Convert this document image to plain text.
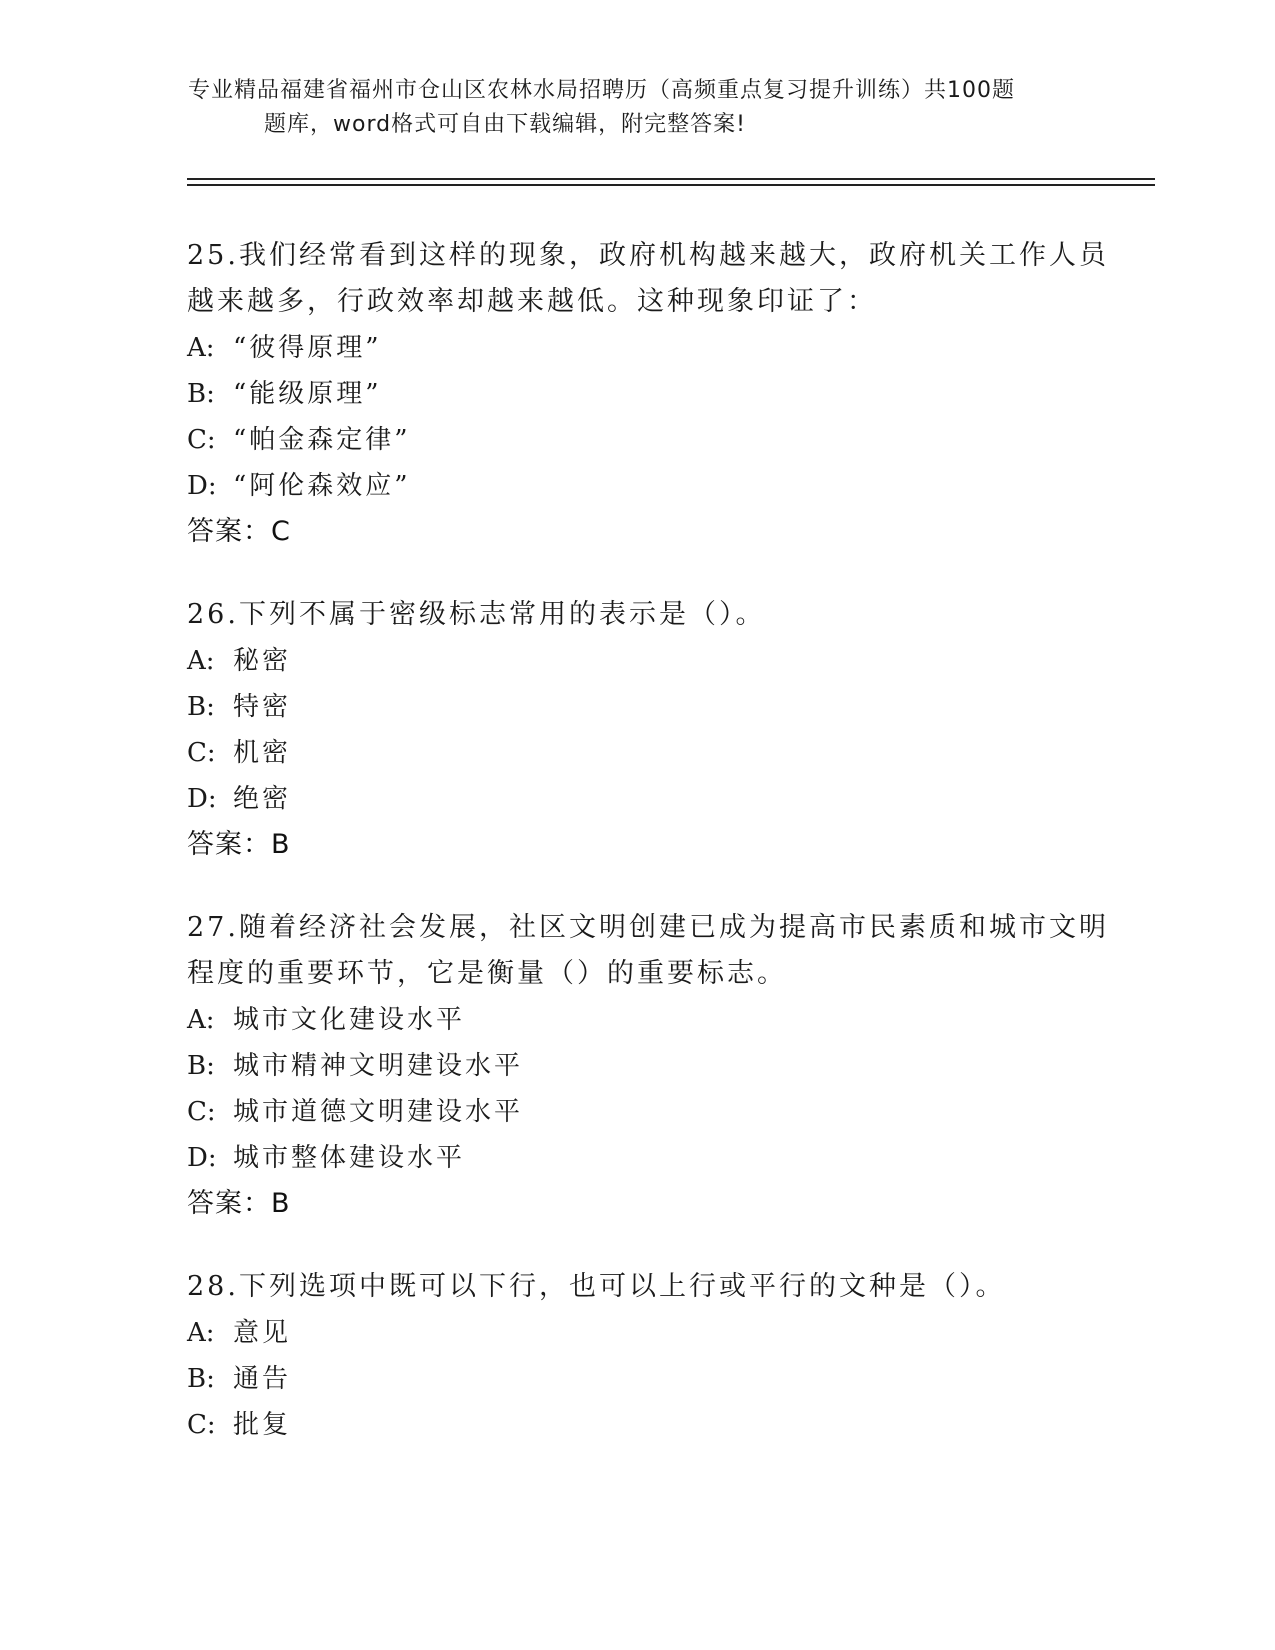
专业精品福建省福州市仓山区农林水局招聘历（高频重点复习提升训练）共100题
题库，word格式可自由下载编辑，附完整答案!
25.我们经常看到这样的现象，政府机构越来越大，政府机关工作人员
越来越多，行政效率却越来越低。这种现象印证了：
A: “彼得原理”
B: “能级原理”
C: “帕金森定律”
D: “阿伦森效应”
答案：C
26.下列不属于密级标志常用的表示是（）。
A: 秘密
B: 特密
C: 机密
D: 绝密
答案：B
27.随着经济社会发展，社区文明创建已成为提高市民素质和城市文明
程度的重要环节，它是衡量（）的重要标志。
A: 城市文化建设水平
B: 城市精神文明建设水平
C: 城市道德文明建设水平
D: 城市整体建设水平
答案：B
28.下列选项中既可以下行，也可以上行或平行的文种是（）。
A: 意见
B: 通告
C: 批复
